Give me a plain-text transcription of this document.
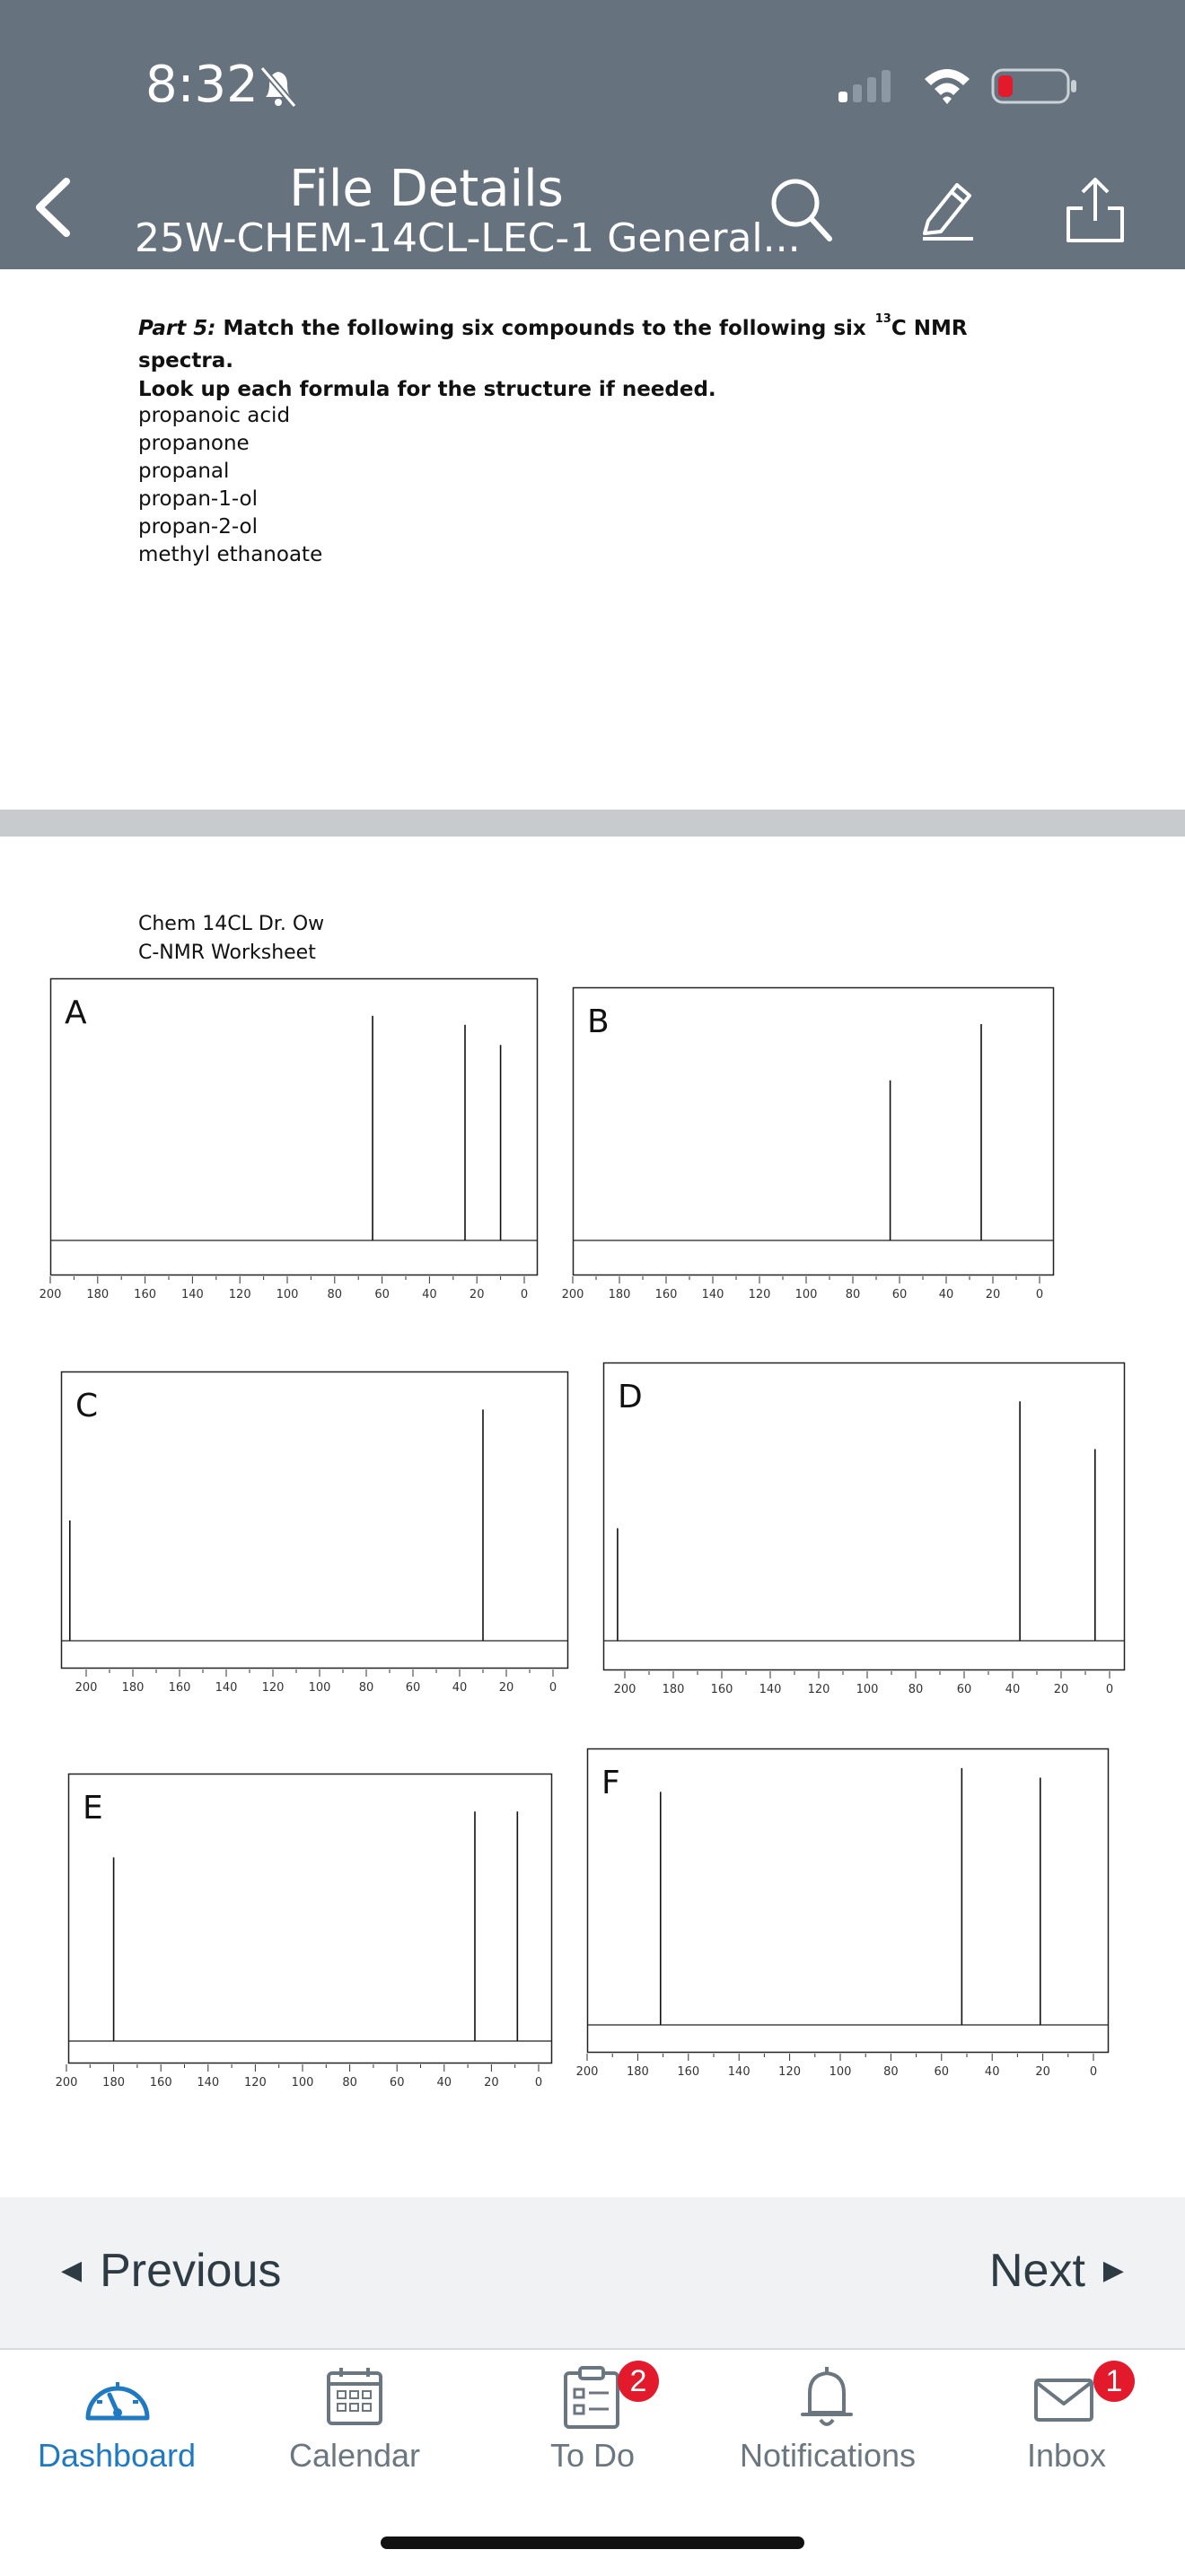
8:32
File Details
25W-CHEM-14CL-LEC-1 General...
Part 5: Match the following six compounds to the following six $^{13}$C NMR spectra.
Look up each formula for the structure if needed.
propanoic acid
propanone
propanal
propan-1-ol
propan-2-ol
methyl ethanoate
Chem 14CL Dr. Ow
C-NMR Worksheet
A
200 180 160 140 120 100 80	60	40	20	0
B
200 180 160 140 120 100 80	60	40	20	0
C
200 180 160 140 120 100 80	60	40	20	0
D
200 180 160 140 120 100	80	60	40	20	0
E
200 180 160 140 120 100 80	60	40	20	0
F
200 180 160 140 120 100	80	60	40	20	0
◀ Previous	Next ▶
Dashboard	Calendar
2
To Do	Notifications
1
Inbox
